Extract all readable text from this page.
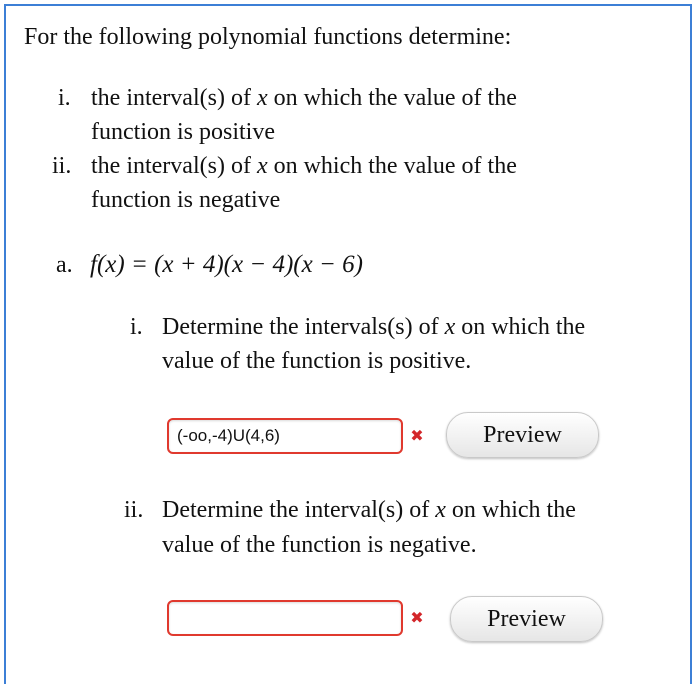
For the following polynomial functions determine:
i. the interval(s) of x on which the value of the
function is positive
ii. the interval(s) of x on which the value of the
function is negative
a. f(x) = (x + 4)(x − 4)(x − 6)
i. Determine the intervals(s) of x on which the
value of the function is positive.
(-oo,-4)U(4,6)
✖	Preview
ii. Determine the interval(s) of x on which the
value of the function is negative.
✖	Preview
